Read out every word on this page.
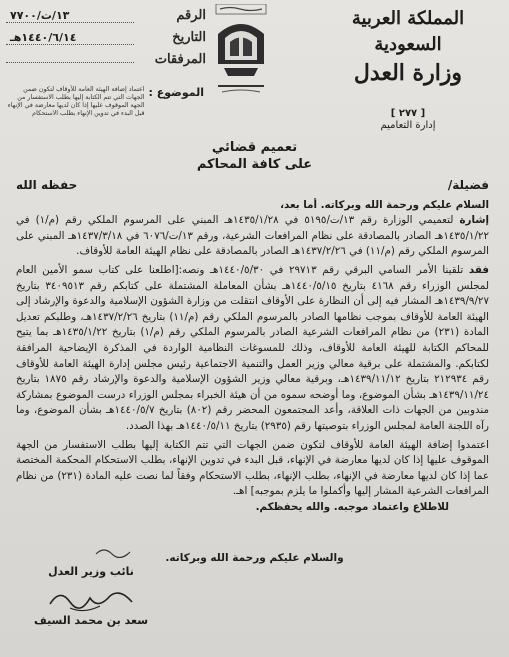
المملكة العربية السعودية
وزارة العدل
[ ٢٧٧ ]
إدارة التعاميم
الرقم
١٣/ت/٧٧٠٠
التاريخ
١٤٤٠/٦/١٤هـ
المرفقات
الموضوع :
اعتماد إضافة الهيئة العامة للأوقاف لتكون ضمن الجهات التي تتم الكتابة إليها بطلب الاستفسار من الجهة الموقوف عليها إذا كان لديها معارضة في الإنهاء قبل البدء في تدوين الإنهاء بطلب الاستحكام
تعميم قضائي
على كافة المحاكم
فضيلة/
حفظه الله

السلام عليكم ورحمة الله وبركاته. أما بعد،

إشارة لتعميمي الوزارة رقم ١٣/ت/٥١٩٥ في ١٤٣٥/١/٢٨هـ المبني على المرسوم الملكي رقم (م/١) في ١٤٣٥/١/٢٢هـ الصادر بالمصادقة على نظام المرافعات الشرعية، ورقم ١٣/ت/٦٠٧٦ في ١٤٣٧/٣/١٨هـ المبني على المرسوم الملكي رقم (م/١١) في ١٤٣٧/٢/٢٦هـ الصادر بالمصادقة على نظام الهيئة العامة للأوقاف.

فقد تلقينا الأمر السامي البرقي رقم ٢٩٧١٣ في ١٤٤٠/٥/٣٠هـ ونصه:[اطلعنا على كتاب سمو الأمين العام لمجلس الوزراء رقم ٤١٦٨ بتاريخ ١٤٤٠/٥/١٥هـ بشأن المعاملة المشتملة على كتابكم رقم ٣٤٠٩٥١٣ بتاريخ ١٤٣٩/٩/٢٧هـ المشار فيه إلى أن النظارة على الأوقاف انتقلت من وزارة الشؤون الإسلامية والدعوة والإرشاد إلى الهيئة العامة للأوقاف بموجب نظامها الصادر بالمرسوم الملكي رقم (م/١١) بتاريخ ١٤٣٧/٢/٢٦هـ، وطلبكم تعديل المادة (٢٣١) من نظام المرافعات الشرعية الصادر بالمرسوم الملكي رقم (م/١) بتاريخ ١٤٣٥/١/٢٢هـ بما يتيح للمحاكم الكتابة للهيئة العامة للأوقاف، وذلك للمسوغات النظامية الواردة في المذكرة الإيضاحية المرافقة لكتابكم. والمشتملة على برقية معالي وزير العمل والتنمية الاجتماعية رئيس مجلس إدارة الهيئة العامة للأوقاف رقم ٢١٢٩٣٤ بتاريخ ١٤٣٩/١١/١٢هـ، وبرقية معالي وزير الشؤون الإسلامية والدعوة والإرشاد رقم ١٨٧٥ بتاريخ ١٤٣٩/١١/٢٤هـ بشأن الموضوع، وما أوضحه سموه من أن هيئة الخبراء بمجلس الوزراء درست الموضوع بمشاركة مندوبين من الجهات ذات العلاقة، وأعد المجتمعون المحضر رقم (٨٠٢) بتاريخ ١٤٤٠/٥/٧هـ بشأن الموضوع، وما رآه اللجنة العامة لمجلس الوزراء بتوصيتها رقم (٢٩٣٥) بتاريخ ١٤٤٠/٥/١١هـ بهذا الصدد.

اعتمدوا إضافة الهيئة العامة للأوقاف لتكون ضمن الجهات التي تتم الكتابة إليها بطلب الاستفسار من الجهة الموقوف عليها إذا كان لديها معارضة في الإنهاء، قبل البدء في تدوين الإنهاء، بطلب الاستحكام المحكمة المختصة عما إذا كان لديها معارضة في الإنهاء، بطلب الإنهاء، بطلب الاستحكام وفقاً لما نصت عليه المادة (٢٣١) من نظام المرافعات الشرعية المشار إليها وأكملوا ما يلزم بموجبه] اهـ.

للاطلاع واعتماد موجبه. والله يحفظكم.

والسلام عليكم ورحمة الله وبركاته.
نائب وزير العدل
سعد بن محمد السيف
